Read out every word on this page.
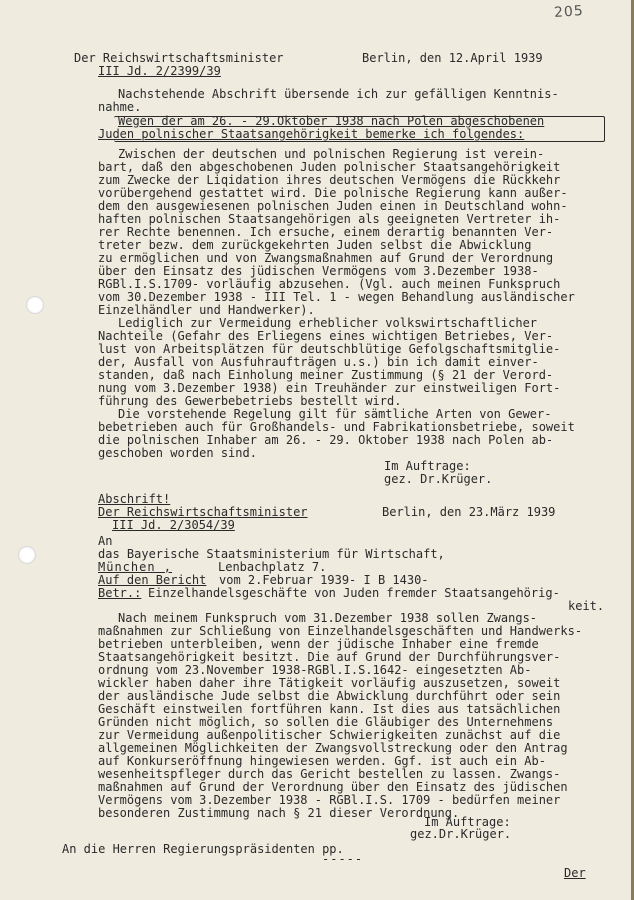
205
Der Reichswirtschaftsminister	Berlin, den 12.April 1939
III Jd. 2/2399/39
Nachstehende Abschrift übersende ich zur gefälligen Kenntnis-
nahme.
Wegen der am 26. - 29.Oktober 1938 nach Polen abgeschobenen
Juden polnischer Staatsangehörigkeit bemerke ich folgendes:
Zwischen der deutschen und polnischen Regierung ist verein-
bart, daß den abgeschobenen Juden polnischer Staatsangehörigkeit
zum Zwecke der Liqidation ihres deutschen Vermögens die Rückkehr
vorübergehend gestattet wird. Die polnische Regierung kann außer-
dem den ausgewiesenen polnischen Juden einen in Deutschland wohn-
haften polnischen Staatsangehörigen als geeigneten Vertreter ih-
rer Rechte benennen. Ich ersuche, einem derartig benannten Ver-
treter bezw. dem zurückgekehrten Juden selbst die Abwicklung
zu ermöglichen und von Zwangsmaßnahmen auf Grund der Verordnung
über den Einsatz des jüdischen Vermögens vom 3.Dezember 1938-
RGBl.I.S.1709- vorläufig abzusehen. (Vgl. auch meinen Funkspruch
vom 30.Dezember 1938 - III Tel. 1 - wegen Behandlung ausländischer
Einzelhändler und Handwerker).
Lediglich zur Vermeidung erheblicher volkswirtschaftlicher
Nachteile (Gefahr des Erliegens eines wichtigen Betriebes, Ver-
lust von Arbeitsplätzen für deutschblütige Gefolgschaftsmitglie-
der, Ausfall von Ausfuhraufträgen u.s.) bin ich damit einver-
standen, daß nach Einholung meiner Zustimmung (§ 21 der Verord-
nung vom 3.Dezember 1938) ein Treuhänder zur einstweiligen Fort-
führung des Gewerbebetriebs bestellt wird.
Die vorstehende Regelung gilt für sämtliche Arten von Gewer-
bebetrieben auch für Großhandels- und Fabrikationsbetriebe, soweit
die polnischen Inhaber am 26. - 29. Oktober 1938 nach Polen ab-
geschoben worden sind.
Im Auftrage:
gez. Dr.Krüger.
Abschrift!
Der Reichswirtschaftsminister	Berlin, den 23.März 1939
III Jd. 2/3054/39
An
das Bayerische Staatsministerium für Wirtschaft,
München ,	Lenbachplatz 7.
Auf den Bericht vom 2.Februar 1939- I B 1430-
Betr.: Einzelhandelsgeschäfte von Juden fremder Staatsangehörig-
keit.
Nach meinem Funkspruch vom 31.Dezember 1938 sollen Zwangs-
maßnahmen zur Schließung von Einzelhandelsgeschäften und Handwerks-
betrieben unterbleiben, wenn der jüdische Inhaber eine fremde
Staatsangehörigkeit besitzt. Die auf Grund der Durchführungsver-
ordnung vom 23.November 1938-RGBl.I.S.1642- eingesetzten Ab-
wickler haben daher ihre Tätigkeit vorläufig auszusetzen, soweit
der ausländische Jude selbst die Abwicklung durchführt oder sein
Geschäft einstweilen fortführen kann. Ist dies aus tatsächlichen
Gründen nicht möglich, so sollen die Gläubiger des Unternehmens
zur Vermeidung außenpolitischer Schwierigkeiten zunächst auf die
allgemeinen Möglichkeiten der Zwangsvollstreckung oder den Antrag
auf Konkurseröffnung hingewiesen werden. Ggf. ist auch ein Ab-
wesenheitspfleger durch das Gericht bestellen zu lassen. Zwangs-
maßnahmen auf Grund der Verordnung über den Einsatz des jüdischen
Vermögens vom 3.Dezember 1938 - RGBl.I.S. 1709 - bedürfen meiner
besonderen Zustimmung nach § 21 dieser Verordnung.
Im Auftrage:
gez.Dr.Krüger.
An die Herren Regierungspräsidenten pp.
-----
Der
